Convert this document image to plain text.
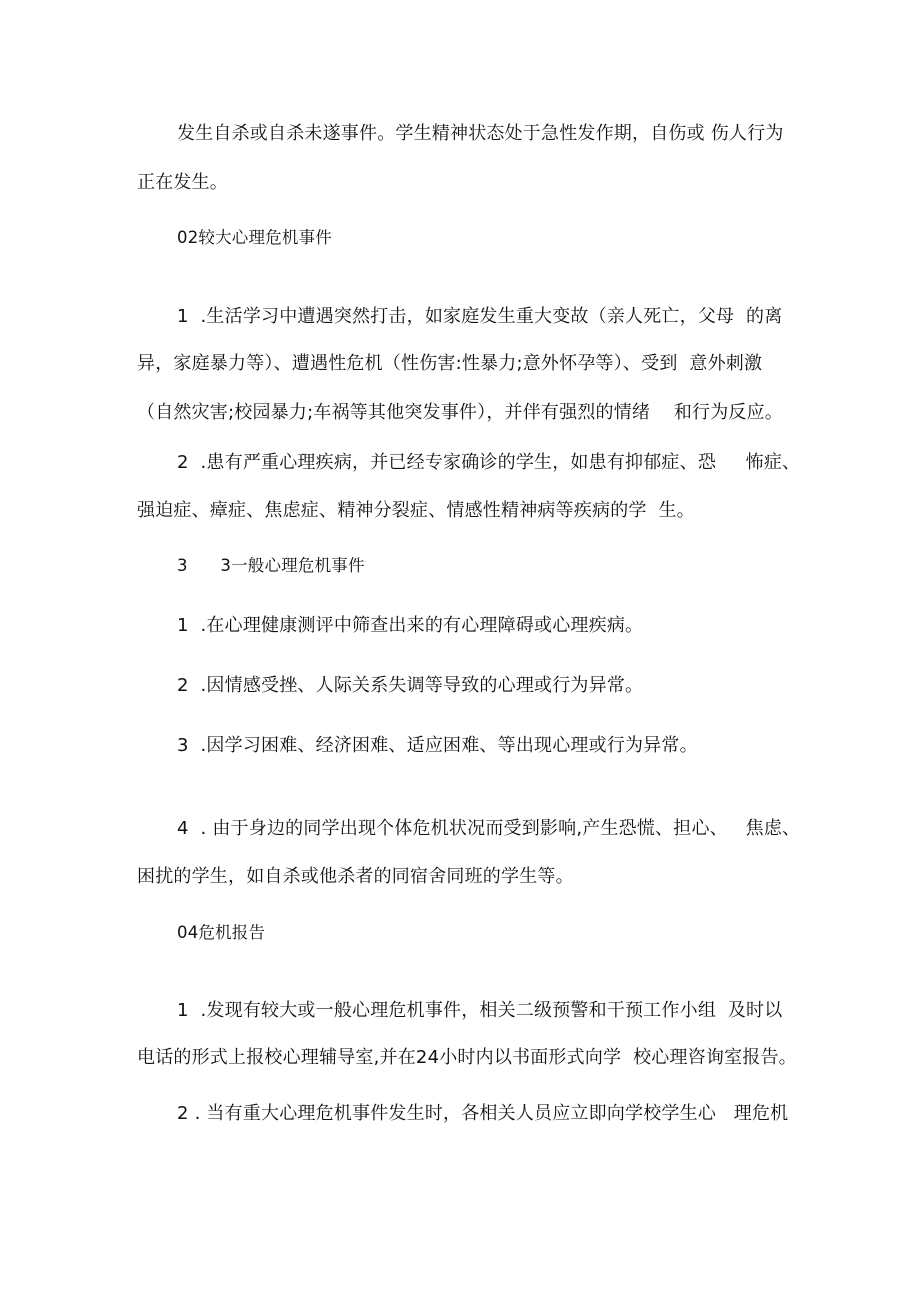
发生自杀或自杀未遂事件。学生精神状态处于急性发作期，自伤或 伤人行为
正在发生。
02较大心理危机事件
1  .生活学习中遭遇突然打击，如家庭发生重大变故（亲人死亡，父母  的离
异，家庭暴力等）、遭遇性危机（性伤害:性暴力;意外怀孕等）、受到  意外刺激
（自然灾害;校园暴力;车祸等其他突发事件），并伴有强烈的情绪    和行为反应。
2  .患有严重心理疾病，并已经专家确诊的学生，如患有抑郁症、恐     怖症、
强迫症、瘴症、焦虑症、精神分裂症、情感性精神病等疾病的学  生。
3      3一般心理危机事件
1  .在心理健康测评中筛查出来的有心理障碍或心理疾病。
2  .因情感受挫、人际关系失调等导致的心理或行为异常。
3  .因学习困难、经济困难、适应困难、等出现心理或行为异常。
4  . 由于身边的同学出现个体危机状况而受到影响,产生恐慌、担心、   焦虑、
困扰的学生，如自杀或他杀者的同宿舍同班的学生等。
04危机报告
1  .发现有较大或一般心理危机事件，相关二级预警和干预工作小组  及时以
电话的形式上报校心理辅导室,并在24小时内以书面形式向学  校心理咨询室报告。
2 . 当有重大心理危机事件发生时，各相关人员应立即向学校学生心   理危机
